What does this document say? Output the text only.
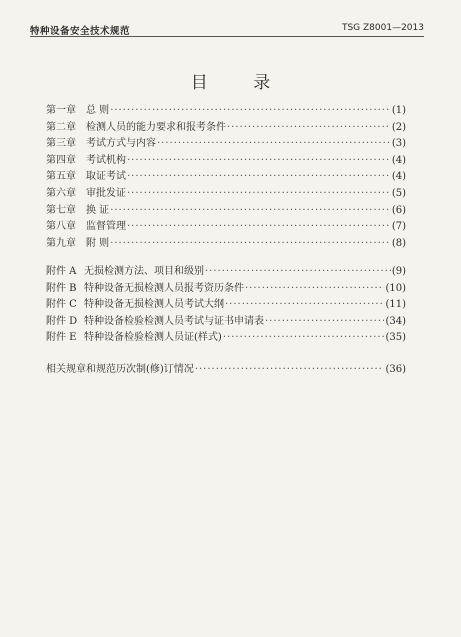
特种设备安全技术规范	TSG Z8001—2013
目 录
第一章	总 则 ·····	(1)
第二章	检测人员的能力要求和报考条件 ·····	(2)
第三章	考试方式与内容 ·····	(3)
第四章	考试机构 ·····	(4)
第五章	取证考试 ·····	(4)
第六章	审批发证 ·····	(5)
第七章	换 证 ·····	(6)
第八章	监督管理 ·····	(7)
第九章	附 则 ·····	(8)
附件 A 无损检测方法、项目和级别 ·····	(9)
附件 B 特种设备无损检测人员报考资历条件 ·····	(10)
附件 C 特种设备无损检测人员考试大纲 ·····	(11)
附件 D 特种设备检验检测人员考试与证书申请表 ·····	(34)
附件 E 特种设备检验检测人员证(样式) ·····	(35)
相关规章和规范历次制(修)订情况 ·····	(36)
